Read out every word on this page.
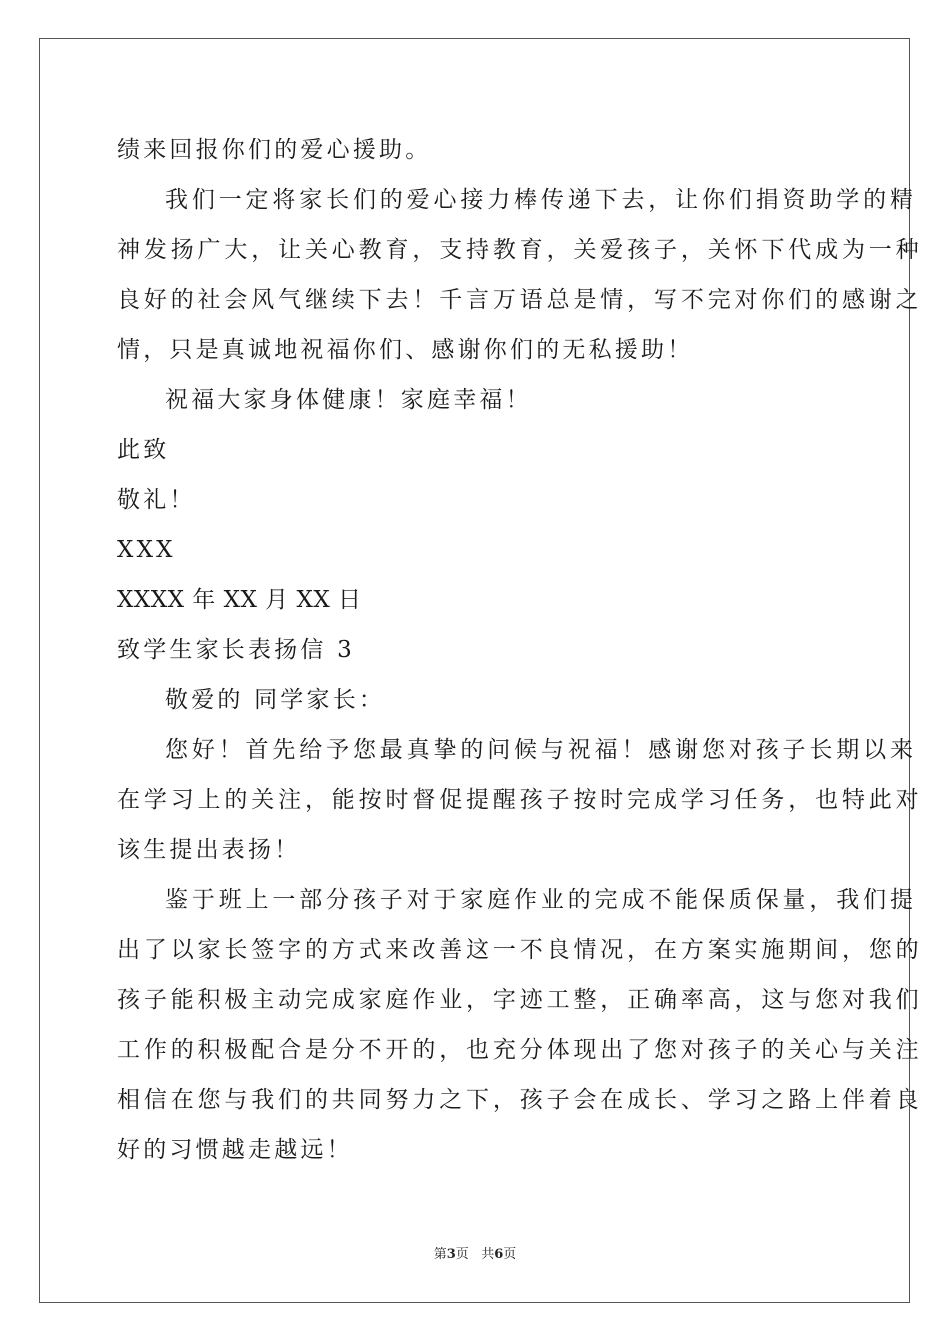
绩来回报你们的爱心援助。
我们一定将家长们的爱心接力棒传递下去，让你们捐资助学的精
神发扬广大，让关心教育，支持教育，关爱孩子，关怀下代成为一种
良好的社会风气继续下去！千言万语总是情，写不完对你们的感谢之
情，只是真诚地祝福你们、感谢你们的无私援助！
祝福大家身体健康！家庭幸福！
此致
敬礼！
XXX
XXXX 年 XX 月 XX 日
致学生家长表扬信 3
敬爱的 同学家长：
您好！首先给予您最真挚的问候与祝福！感谢您对孩子长期以来
在学习上的关注，能按时督促提醒孩子按时完成学习任务，也特此对
该生提出表扬！
鉴于班上一部分孩子对于家庭作业的完成不能保质保量，我们提
出了以家长签字的方式来改善这一不良情况，在方案实施期间，您的
孩子能积极主动完成家庭作业，字迹工整，正确率高，这与您对我们
工作的积极配合是分不开的，也充分体现出了您对孩子的关心与关注
相信在您与我们的共同努力之下，孩子会在成长、学习之路上伴着良
好的习惯越走越远！
第3页 共6页
